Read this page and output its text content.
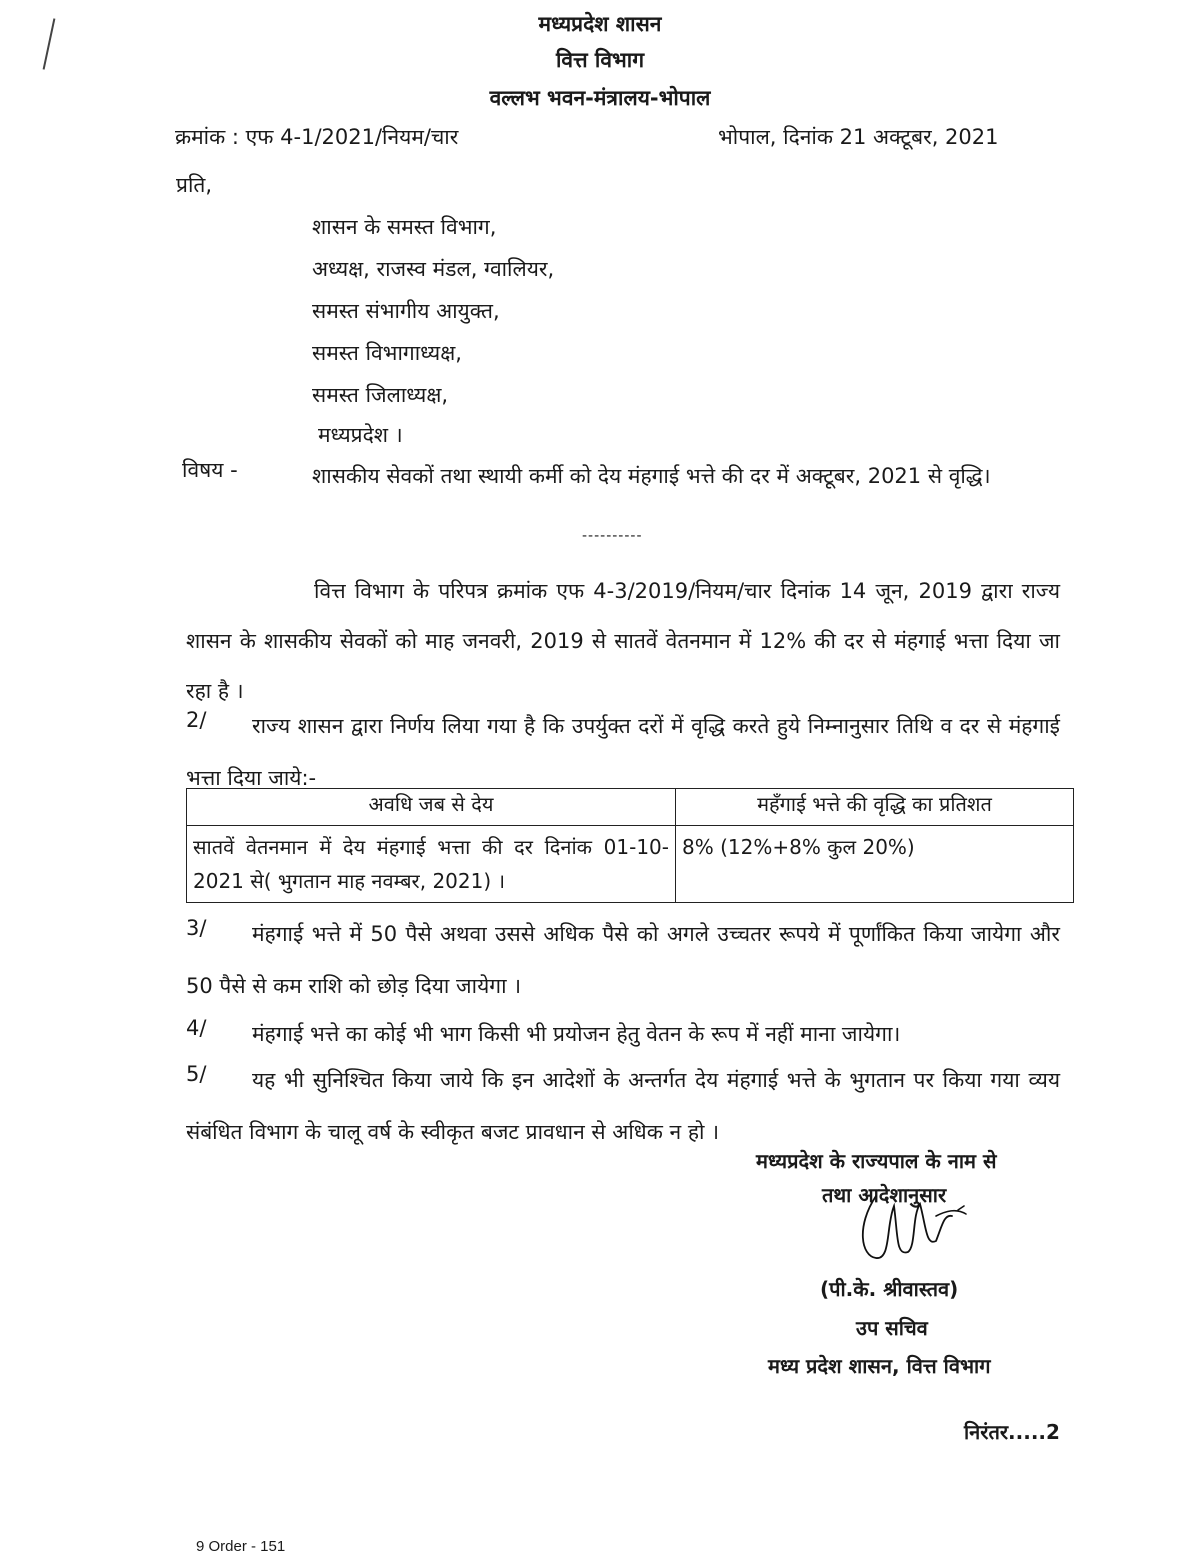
मध्यप्रदेश शासन
वित्त विभाग
वल्लभ भवन-मंत्रालय-भोपाल
क्रमांक : एफ 4-1/2021/नियम/चार	भोपाल, दिनांक 21 अक्टूबर, 2021
प्रति,
शासन के समस्त विभाग,
अध्यक्ष, राजस्व मंडल, ग्वालियर,
समस्त संभागीय आयुक्त,
समस्त विभागाध्यक्ष,
समस्त जिलाध्यक्ष,
मध्यप्रदेश ।
विषय -	शासकीय सेवकों तथा स्थायी कर्मी को देय मंहगाई भत्ते की दर में अक्टूबर, 2021 से वृद्धि।
----------
वित्त विभाग के परिपत्र क्रमांक एफ 4-3/2019/नियम/चार दिनांक 14 जून, 2019 द्वारा राज्य शासन के शासकीय सेवकों को माह जनवरी, 2019 से सातवें वेतनमान में 12% की दर से मंहगाई भत्ता दिया जा रहा है ।
2/	राज्य शासन द्वारा निर्णय लिया गया है कि उपर्युक्त दरों में वृद्धि करते हुये निम्नानुसार तिथि व दर से मंहगाई भत्ता दिया जाये:-
अवधि जब से देय	महँगाई भत्ते की वृद्धि का प्रतिशत
सातवें वेतनमान में देय मंहगाई भत्ता की दर दिनांक 01-10-2021 से( भुगतान माह नवम्बर, 2021) ।	8% (12%+8% कुल 20%)
3/	मंहगाई भत्ते में 50 पैसे अथवा उससे अधिक पैसे को अगले उच्चतर रूपये में पूर्णांकित किया जायेगा और 50 पैसे से कम राशि को छोड़ दिया जायेगा ।
4/	मंहगाई भत्ते का कोई भी भाग किसी भी प्रयोजन हेतु वेतन के रूप में नहीं माना जायेगा।
5/	यह भी सुनिश्चित किया जाये कि इन आदेशों के अन्तर्गत देय मंहगाई भत्ते के भुगतान पर किया गया व्यय संबंधित विभाग के चालू वर्ष के स्वीकृत बजट प्रावधान से अधिक न हो ।
मध्यप्रदेश के राज्यपाल के नाम से
तथा आदेशानुसार
(पी.के. श्रीवास्तव)
उप सचिव
मध्य प्रदेश शासन, वित्त विभाग
निरंतर.....2
9 Order - 151
